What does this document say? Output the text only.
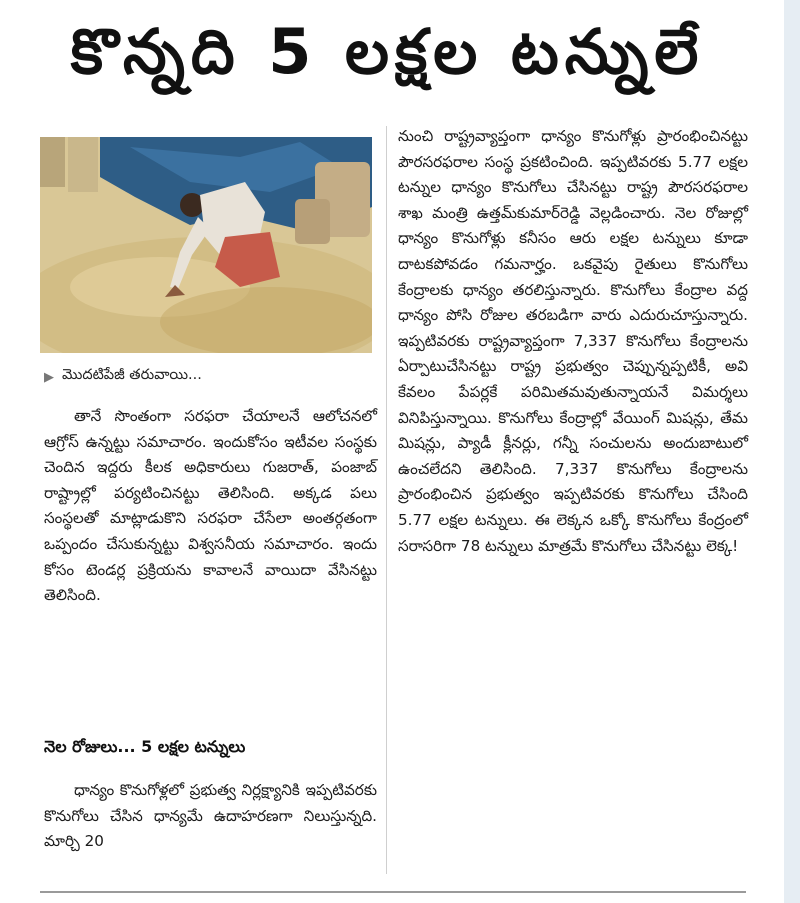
కొన్నది 5 లక్షల టన్నులే
▶ మొదటిపేజీ తరువాయి...

తానే సొంతంగా సరఫరా చేయాలనే ఆలోచనలో ఆగ్రోస్ ఉన్నట్టు సమాచారం. ఇందుకోసం ఇటీవల సంస్థకు చెందిన ఇద్దరు కీలక అధికారులు గుజరాత్, పంజాబ్ రాష్ట్రాల్లో పర్యటించినట్టు తెలిసింది. అక్కడ పలు సంస్థలతో మాట్లాడుకొని సరఫరా చేసేలా అంతర్గతంగా ఒప్పందం చేసుకున్నట్టు విశ్వసనీయ సమాచారం. ఇందు కోసం టెండర్ల ప్రక్రియను కావాలనే వాయిదా వేసినట్టు తెలిసింది.

నెల రోజులు... 5 లక్షల టన్నులు

ధాన్యం కొనుగోళ్లలో ప్రభుత్వ నిర్లక్ష్యానికి ఇప్పటివరకు కొనుగోలు చేసిన ధాన్యమే ఉదాహరణగా నిలుస్తున్నది. మార్చి 20

నుంచి రాష్ట్రవ్యాప్తంగా ధాన్యం కొనుగోళ్లు ప్రారంభించినట్టు పౌరసరఫరాల సంస్థ ప్రకటించింది. ఇప్పటివరకు 5.77 లక్షల టన్నుల ధాన్యం కొనుగోలు చేసినట్టు రాష్ట్ర పౌరసరఫరాల శాఖ మంత్రి ఉత్తమ్‌కుమార్‌రెడ్డి వెల్లడించారు. నెల రోజుల్లో ధాన్యం కొనుగోళ్లు కనీసం ఆరు లక్షల టన్నులు కూడా దాటకపోవడం గమనార్హం. ఒకవైపు రైతులు కొనుగోలు కేంద్రాలకు ధాన్యం తరలిస్తున్నారు. కొనుగోలు కేంద్రాల వద్ద ధాన్యం పోసి రోజుల తరబడిగా వారు ఎదురుచూస్తున్నారు. ఇప్పటివరకు రాష్ట్రవ్యాప్తంగా 7,337 కొనుగోలు కేంద్రాలను ఏర్పాటుచేసినట్టు రాష్ట్ర ప్రభుత్వం చెప్పున్నప్పటికీ, అవి కేవలం పేపర్లకే పరిమితమవుతున్నాయనే విమర్శలు వినిపిస్తున్నాయి. కొనుగోలు కేంద్రాల్లో వేయింగ్ మిషన్లు, తేమ మిషన్లు, ప్యాడీ క్లీనర్లు, గన్నీ సంచులను అందుబాటులో ఉంచలేదని తెలిసింది. 7,337 కొనుగోలు కేంద్రాలను ప్రారంభించిన ప్రభుత్వం ఇప్పటివరకు కొనుగోలు చేసింది 5.77 లక్షల టన్నులు. ఈ లెక్కన ఒక్కో కొనుగోలు కేంద్రంలో సరాసరిగా 78 టన్నులు మాత్రమే కొనుగోలు చేసినట్టు లెక్క!
